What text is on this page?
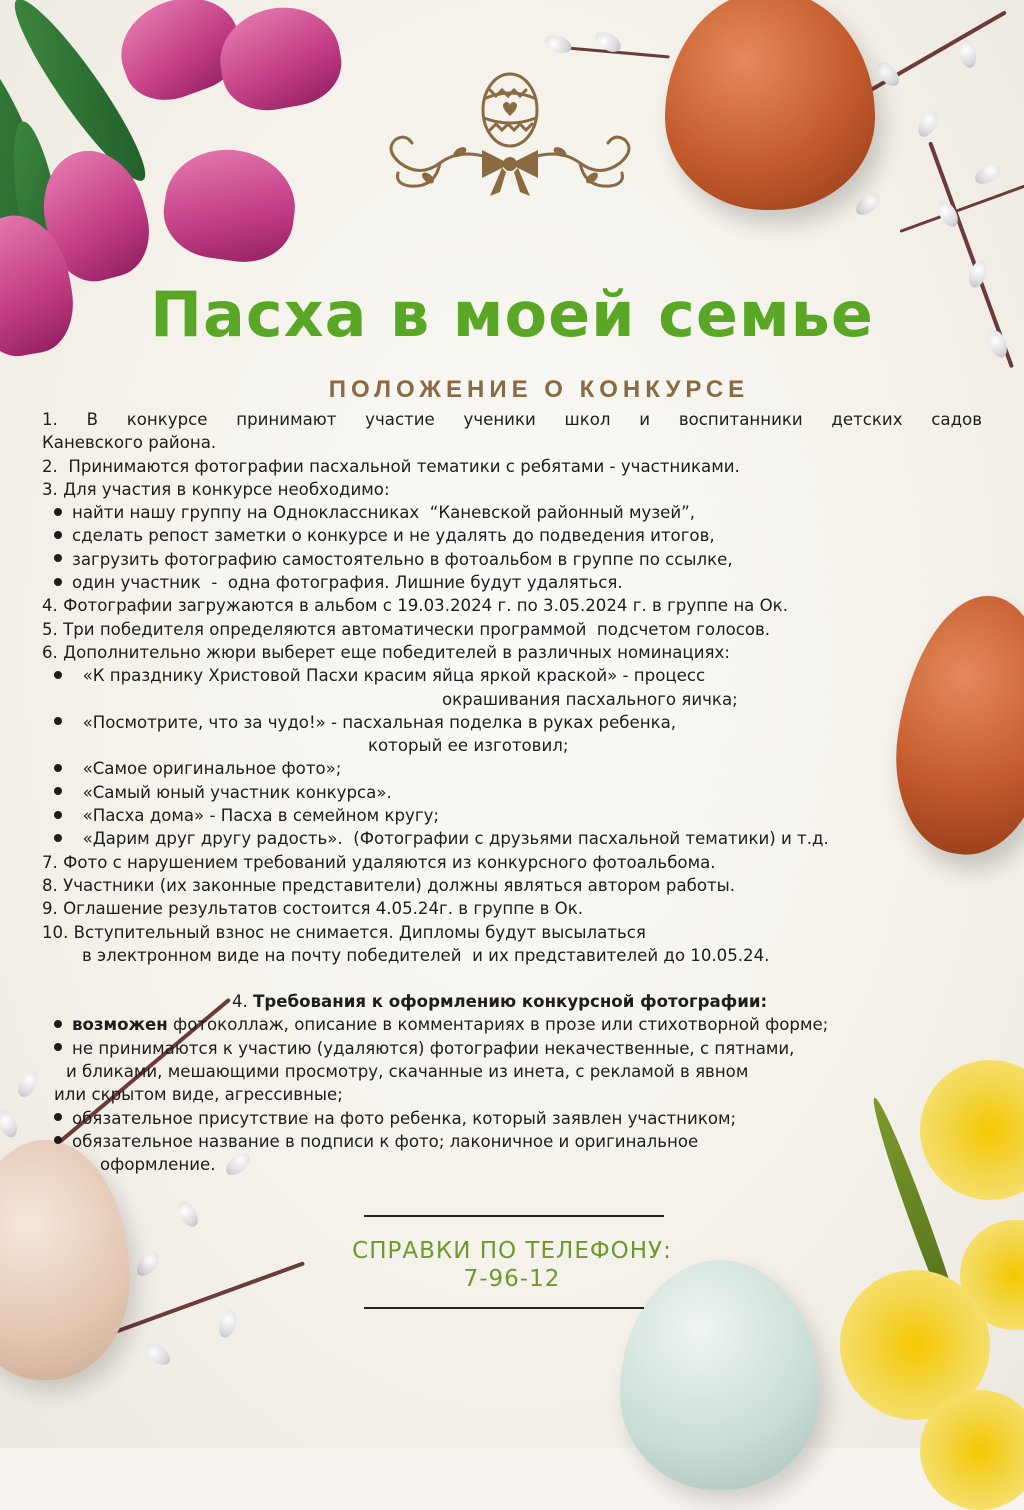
Пасха в моей семье
ПОЛОЖЕНИЕ О КОНКУРСЕ
1. В конкурсе принимают участие ученики школ и воспитанники детских садов
Каневского района.
2.  Принимаются фотографии пасхальной тематики с ребятами - участниками.
3. Для участия в конкурсе необходимо:
найти нашу группу на Одноклассниках  “Каневской районный музей”,
сделать репост заметки о конкурсе и не удалять до подведения итогов,
загрузить фотографию самостоятельно в фотоальбом в группе по ссылке,
один участник  -  одна фотография. Лишние будут удаляться.
4. Фотографии загружаются в альбом с 19.03.2024 г. по 3.05.2024 г. в группе на Ок.
5. Три победителя определяются автоматически программой  подсчетом голосов.
6. Дополнительно жюри выберет еще победителей в различных номинациях:
«К празднику Христовой Пасхи красим яйца яркой краской» - процесс
окрашивания пасхального яичка;
«Посмотрите, что за чудо!» - пасхальная поделка в руках ребенка,
который ее изготовил;
«Самое оригинальное фото»;
«Самый юный участник конкурса».
«Пасха дома» - Пасха в семейном кругу;
«Дарим друг другу радость».  (Фотографии с друзьями пасхальной тематики) и т.д.
7. Фото с нарушением требований удаляются из конкурсного фотоальбома.
8. Участники (их законные представители) должны являться автором работы.
9. Оглашение результатов состоится 4.05.24г. в группе в Ок.
10. Вступительный взнос не снимается. Дипломы будут высылаться
в электронном виде на почту победителей  и их представителей до 10.05.24.
4. Требования к оформлению конкурсной фотографии:
возможен фотоколлаж, описание в комментариях в прозе или стихотворной форме;
не принимаются к участию (удаляются) фотографии некачественные, с пятнами,
и бликами, мешающими просмотру, скачанные из инета, с рекламой в явном
или скрытом виде, агрессивные;
обязательное присутствие на фото ребенка, который заявлен участником;
обязательное название в подписи к фото; лаконичное и оригинальное
оформление.
СПРАВКИ ПО ТЕЛЕФОНУ:
7-96-12
